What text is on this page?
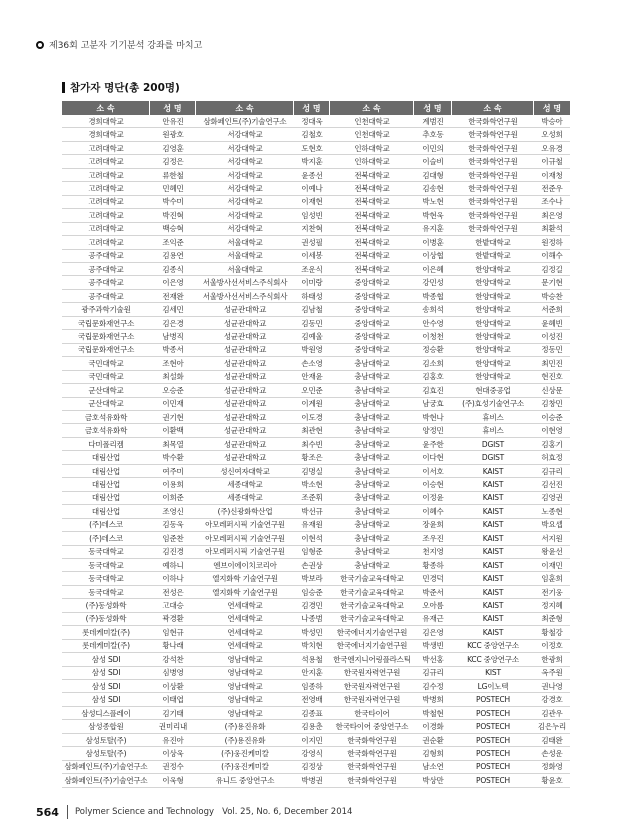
제36회 고분자 기기분석 강좌를 마치고
참가자 명단(총 200명)
소 속	성 명	소 속	성 명	소 속	성 명	소 속	성 명
경희대학교	안유진	삼화페인트(주)기술연구소	정대욱	인천대학교	계범진	한국화학연구원	박승아
경희대학교	원광호	서강대학교	김철호	인천대학교	추호동	한국화학연구원	오성희
고려대학교	김영훈	서강대학교	도현호	인하대학교	이민의	한국화학연구원	오유경
고려대학교	김정은	서강대학교	박지훈	인하대학교	이슬비	한국화학연구원	이규철
고려대학교	류한철	서강대학교	윤종선	전북대학교	김대형	한국화학연구원	이재청
고려대학교	민혜민	서강대학교	이예나	전북대학교	김송현	한국화학연구원	전준우
고려대학교	박수미	서강대학교	이재현	전북대학교	박노현	한국화학연구원	조수나
고려대학교	박진혁	서강대학교	임성빈	전북대학교	박현욱	한국화학연구원	최은영
고려대학교	백승혁	서강대학교	지찬혁	전북대학교	유지훈	한국화학연구원	최환석
고려대학교	조익준	서울대학교	권성필	전북대학교	이병훈	한밭대학교	원정하
공주대학교	김용연	서울대학교	이세봉	전북대학교	이상협	한밭대학교	이해수
공주대학교	김종식	서울대학교	조운식	전북대학교	이은혜	한양대학교	김정길
공주대학교	이은영	서울방사선서비스주식회사	이미랑	중앙대학교	강민성	한양대학교	문기현
공주대학교	전재완	서울방사선서비스주식회사	하태성	중앙대학교	박종협	한양대학교	박승찬
광주과학기술원	김세민	성균관대학교	김남철	중앙대학교	송희석	한양대학교	서준희
국립문화재연구소	김은경	성균관대학교	김동민	중앙대학교	안수영	한양대학교	윤혜빈
국립문화재연구소	남병직	성균관대학교	김예울	중앙대학교	이청천	한양대학교	이성진
국립문화재연구소	박종서	성균관대학교	박원영	중앙대학교	정승환	한양대학교	정동민
국민대학교	조현아	성균관대학교	손소영	충남대학교	김소희	한양대학교	최민진
국민대학교	최설화	성균관대학교	안재윤	충남대학교	김홍호	한양대학교	현진호
군산대학교	오승준	성균관대학교	오민준	충남대학교	김효진	현대중공업	신상문
군산대학교	이민재	성균관대학교	이계원	충남대학교	남궁효	(주)효성기술연구소	김창민
금호석유화학	권기현	성균관대학교	이도경	충남대학교	박현나	휴비스	이승준
금호석유화학	이환백	성균관대학교	최관현	충남대학교	양정민	휴비스	이현영
다미폴리켐	최목열	성균관대학교	최수빈	충남대학교	윤주한	DGIST	김홍기
대림산업	박수환	성균관대학교	황조은	충남대학교	이다현	DGIST	허효정
대림산업	여주미	성신여자대학교	김명실	충남대학교	이서호	KAIST	김규리
대림산업	이용희	세종대학교	박소현	충남대학교	이승현	KAIST	김선진
대림산업	이희준	세종대학교	조준휘	충남대학교	이정윤	KAIST	김영권
대림산업	조영신	(주)신광화학산업	박선규	충남대학교	이혜수	KAIST	노종현
(주)데스코	김동욱	아모레퍼시픽 기술연구원	유재원	충남대학교	장윤희	KAIST	박요셉
(주)데스코	임준찬	아모레퍼시픽 기술연구원	이현석	충남대학교	조우진	KAIST	서지원
동국대학교	김진경	아모레퍼시픽 기술연구원	임형준	충남대학교	천지영	KAIST	왕윤선
동국대학교	예하니	엔브이에이치코리아	손권상	충남대학교	황종하	KAIST	이재민
동국대학교	이하나	엘지화학 기술연구원	박보라	한국기술교육대학교	민경덕	KAIST	임훈희
동국대학교	전성은	엘지화학 기술연구원	임승준	한국기술교육대학교	박준서	KAIST	전기웅
(주)동성화학	고대승	연세대학교	김경민	한국기술교육대학교	오아름	KAIST	정지혜
(주)동성화학	곽경환	연세대학교	나종범	한국기술교육대학교	유재근	KAIST	최준형
롯데케미칼(주)	임현규	연세대학교	박성민	한국에너지기술연구원	김은영	KAIST	황철강
롯데케미칼(주)	황나래	연세대학교	박치현	한국에너지기술연구원	박생빈	KCC 중앙연구소	이정호
삼성 SDI	강석찬	영남대학교	석용철	한국엔지니어링플라스틱	박선홍	KCC 중앙연구소	한광희
삼성 SDI	심병영	영남대학교	안지훈	한국원자력연구원	김규리	KIST	옥주원
삼성 SDI	이상환	영남대학교	임종하	한국원자력연구원	김수정	LG이노텍	권나영
삼성 SDI	이태엽	영남대학교	전영배	한국원자력연구원	박병희	POSTECH	강경호
삼성디스플레이	김기태	영남대학교	김종표	한국타이어	박철현	POSTECH	김관우
삼성종합원	권미리내	(주)용진유화	김용춘	한국타이어 중앙연구소	이경화	POSTECH	김은누리
삼성토탈(주)	유진아	(주)용진유화	이지민	한국화학연구원	권순환	POSTECH	김태완
삼성토탈(주)	이상욱	(주)웅진케미칼	강영식	한국화학연구원	김형희	POSTECH	손성운
삼화페인트(주)기술연구소	권정수	(주)웅진케미칼	김정상	한국화학연구원	남소연	POSTECH	정화영
삼화페인트(주)기술연구소	이욱형	유니드 중앙연구소	박병권	한국화학연구원	박상만	POSTECH	황윤호
564 Polymer Science and Technology Vol. 25, No. 6, December 2014
